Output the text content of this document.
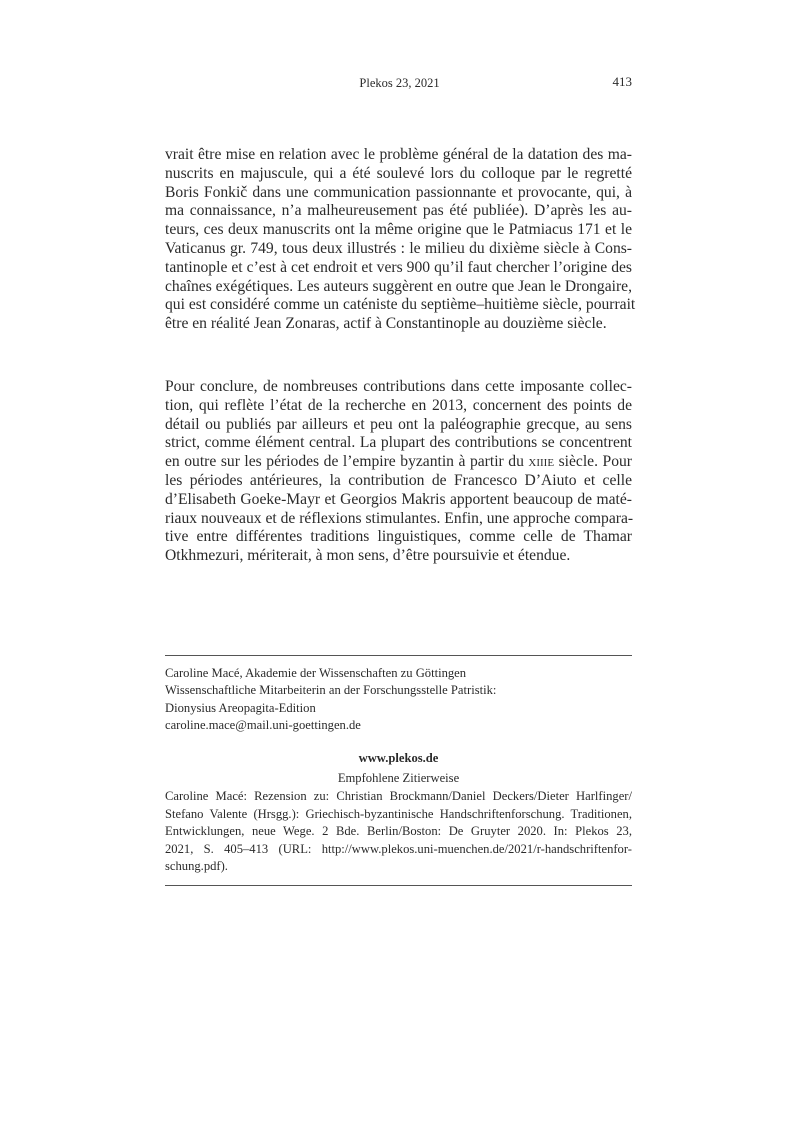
Plekos 23, 2021	413
vrait être mise en relation avec le problème général de la datation des ma-
nuscrits en majuscule, qui a été soulevé lors du colloque par le regretté
Boris Fonkič dans une communication passionnante et provocante, qui, à
ma connaissance, n’a malheureusement pas été publiée). D’après les au-
teurs, ces deux manuscrits ont la même origine que le Patmiacus 171 et le
Vaticanus gr. 749, tous deux illustrés : le milieu du dixième siècle à Cons-
tantinople et c’est à cet endroit et vers 900 qu’il faut chercher l’origine des
chaînes exégétiques. Les auteurs suggèrent en outre que Jean le Drongaire,
qui est considéré comme un caténiste du septième–huitième siècle, pourrait
être en réalité Jean Zonaras, actif à Constantinople au douzième siècle.
Pour conclure, de nombreuses contributions dans cette imposante collec-
tion, qui reflète l’état de la recherche en 2013, concernent des points de
détail ou publiés par ailleurs et peu ont la paléographie grecque, au sens
strict, comme élément central. La plupart des contributions se concentrent
en outre sur les périodes de l’empire byzantin à partir du xiiie siècle. Pour
les périodes antérieures, la contribution de Francesco D’Aiuto et celle
d’Elisabeth Goeke-Mayr et Georgios Makris apportent beaucoup de maté-
riaux nouveaux et de réflexions stimulantes. Enfin, une approche compara-
tive entre différentes traditions linguistiques, comme celle de Thamar
Otkhmezuri, mériterait, à mon sens, d’être poursuivie et étendue.
Caroline Macé, Akademie der Wissenschaften zu Göttingen
Wissenschaftliche Mitarbeiterin an der Forschungsstelle Patristik:
Dionysius Areopagita-Edition
caroline.mace@mail.uni-goettingen.de
www.plekos.de
Empfohlene Zitierweise
Caroline Macé: Rezension zu: Christian Brockmann/Daniel Deckers/Dieter Harlfinger/
Stefano Valente (Hrsgg.): Griechisch-byzantinische Handschriftenforschung. Traditionen,
Entwicklungen, neue Wege. 2 Bde. Berlin/Boston: De Gruyter 2020. In: Plekos 23,
2021, S. 405–413 (URL: http://www.plekos.uni-muenchen.de/2021/r-handschriftenfor-
schung.pdf).
